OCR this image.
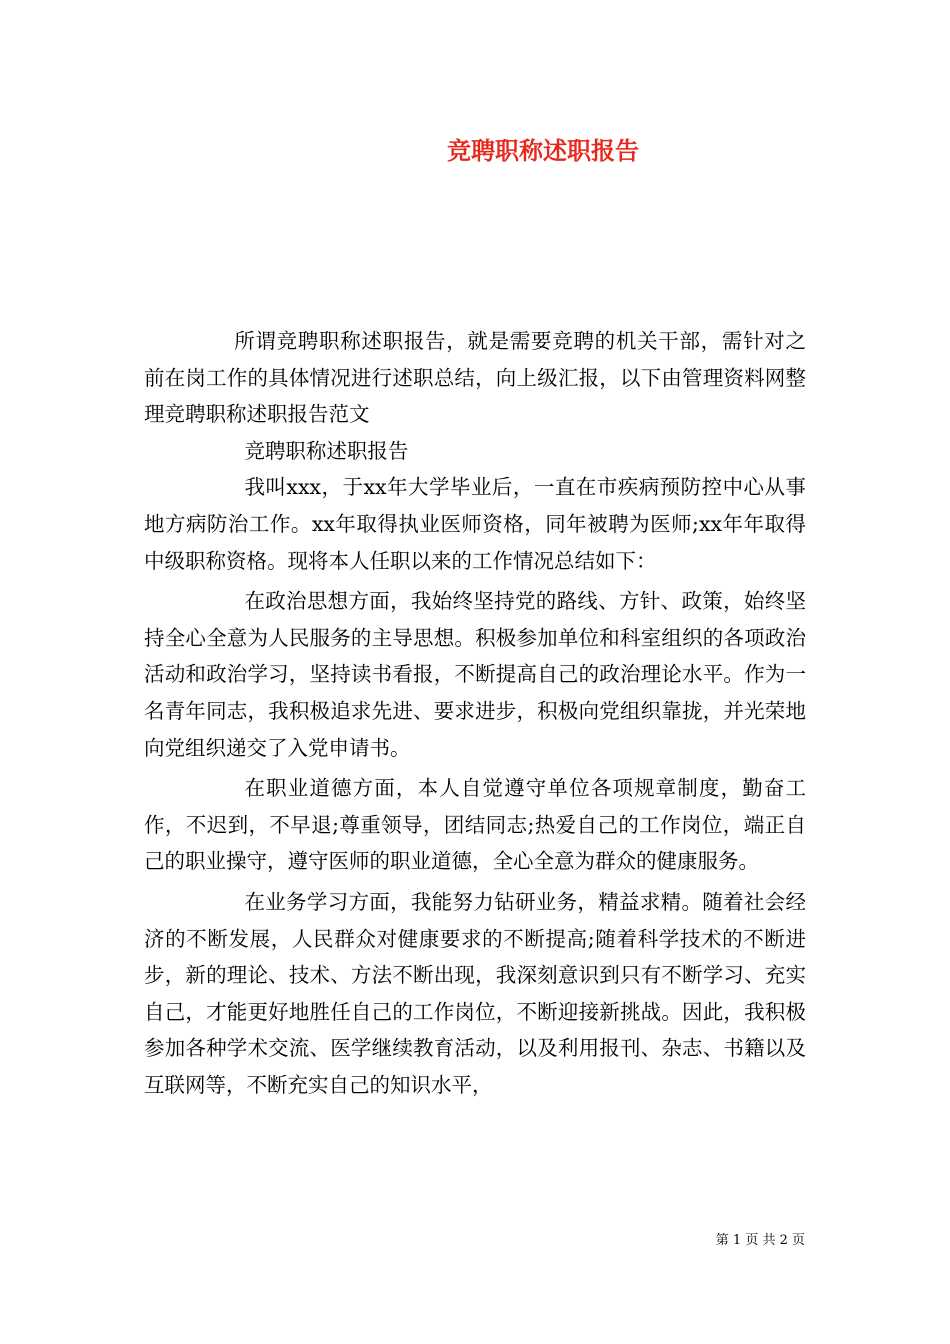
竞聘职称述职报告

所谓竞聘职称述职报告，就是需要竞聘的机关干部，需针对之前在岗工作的具体情况进行述职总结，向上级汇报，以下由管理资料网整理竞聘职称述职报告范文

竞聘职称述职报告

我叫xxx，于xx年大学毕业后，一直在市疾病预防控中心从事地方病防治工作。xx年取得执业医师资格，同年被聘为医师;xx年年取得中级职称资格。现将本人任职以来的工作情况总结如下：

在政治思想方面，我始终坚持党的路线、方针、政策，始终坚持全心全意为人民服务的主导思想。积极参加单位和科室组织的各项政治活动和政治学习，坚持读书看报，不断提高自己的政治理论水平。作为一名青年同志，我积极追求先进、要求进步，积极向党组织靠拢，并光荣地向党组织递交了入党申请书。

在职业道德方面，本人自觉遵守单位各项规章制度，勤奋工作，不迟到，不早退;尊重领导，团结同志;热爱自己的工作岗位，端正自己的职业操守，遵守医师的职业道德，全心全意为群众的健康服务。

在业务学习方面，我能努力钻研业务，精益求精。随着社会经济的不断发展，人民群众对健康要求的不断提高;随着科学技术的不断进步，新的理论、技术、方法不断出现，我深刻意识到只有不断学习、充实自己，才能更好地胜任自己的工作岗位，不断迎接新挑战。因此，我积极参加各种学术交流、医学继续教育活动，以及利用报刊、杂志、书籍以及互联网等，不断充实自己的知识水平，

第 1 页 共 2 页
